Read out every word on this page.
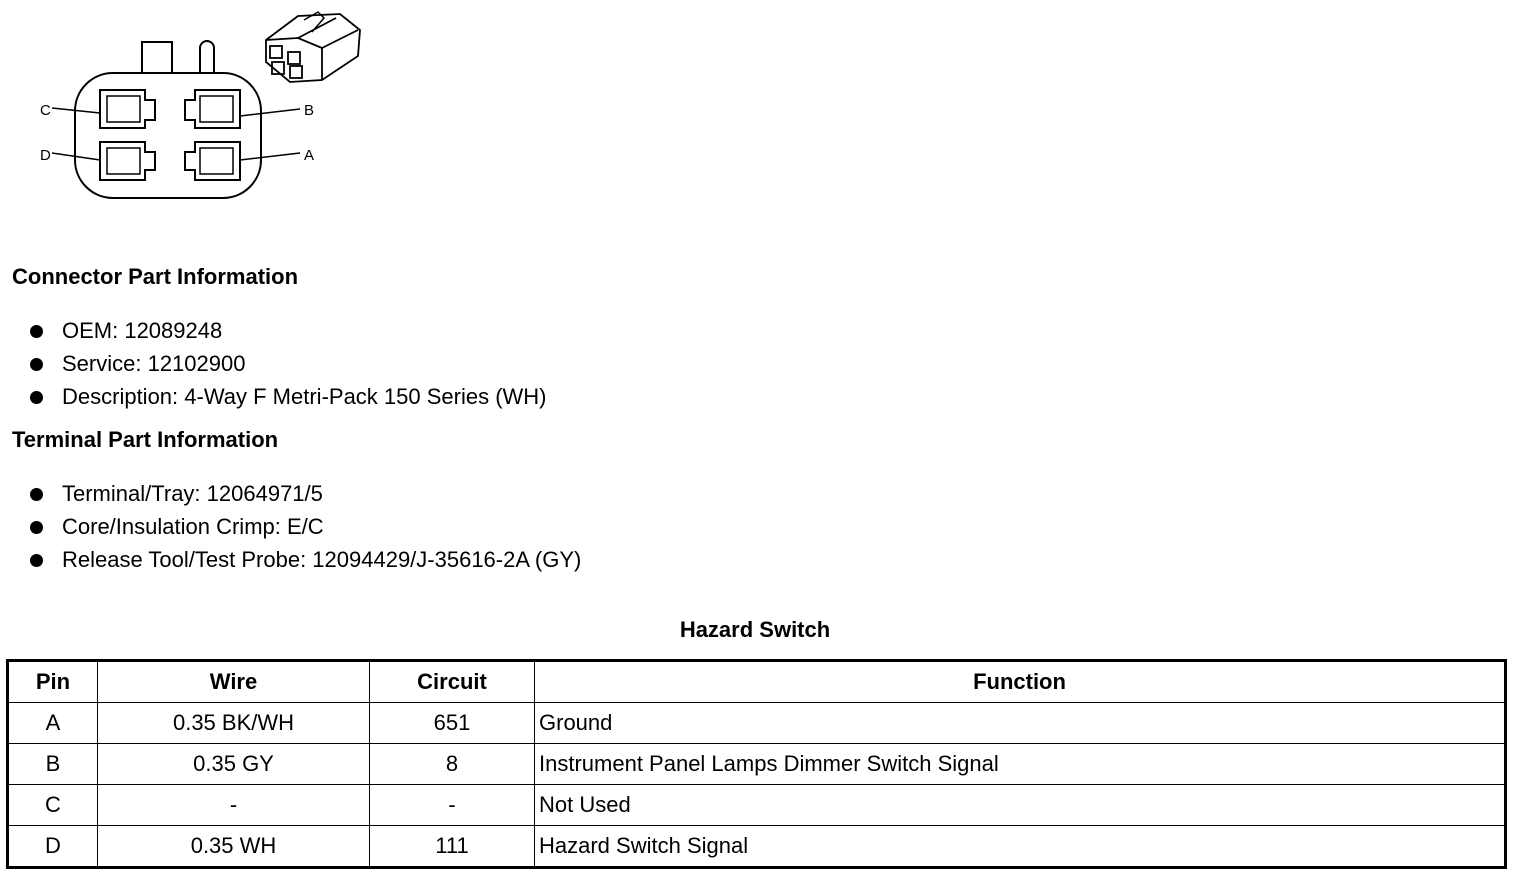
C
D
B
A
Connector Part Information
OEM: 12089248
Service: 12102900
Description: 4-Way F Metri-Pack 150 Series (WH)
Terminal Part Information
Terminal/Tray: 12064971/5
Core/Insulation Crimp: E/C
Release Tool/Test Probe: 12094429/J-35616-2A (GY)
Hazard Switch
Pin	Wire	Circuit	Function
A	0.35 BK/WH	651	Ground
B	0.35 GY	8	Instrument Panel Lamps Dimmer Switch Signal
C	-	-	Not Used
D	0.35 WH	111	Hazard Switch Signal
